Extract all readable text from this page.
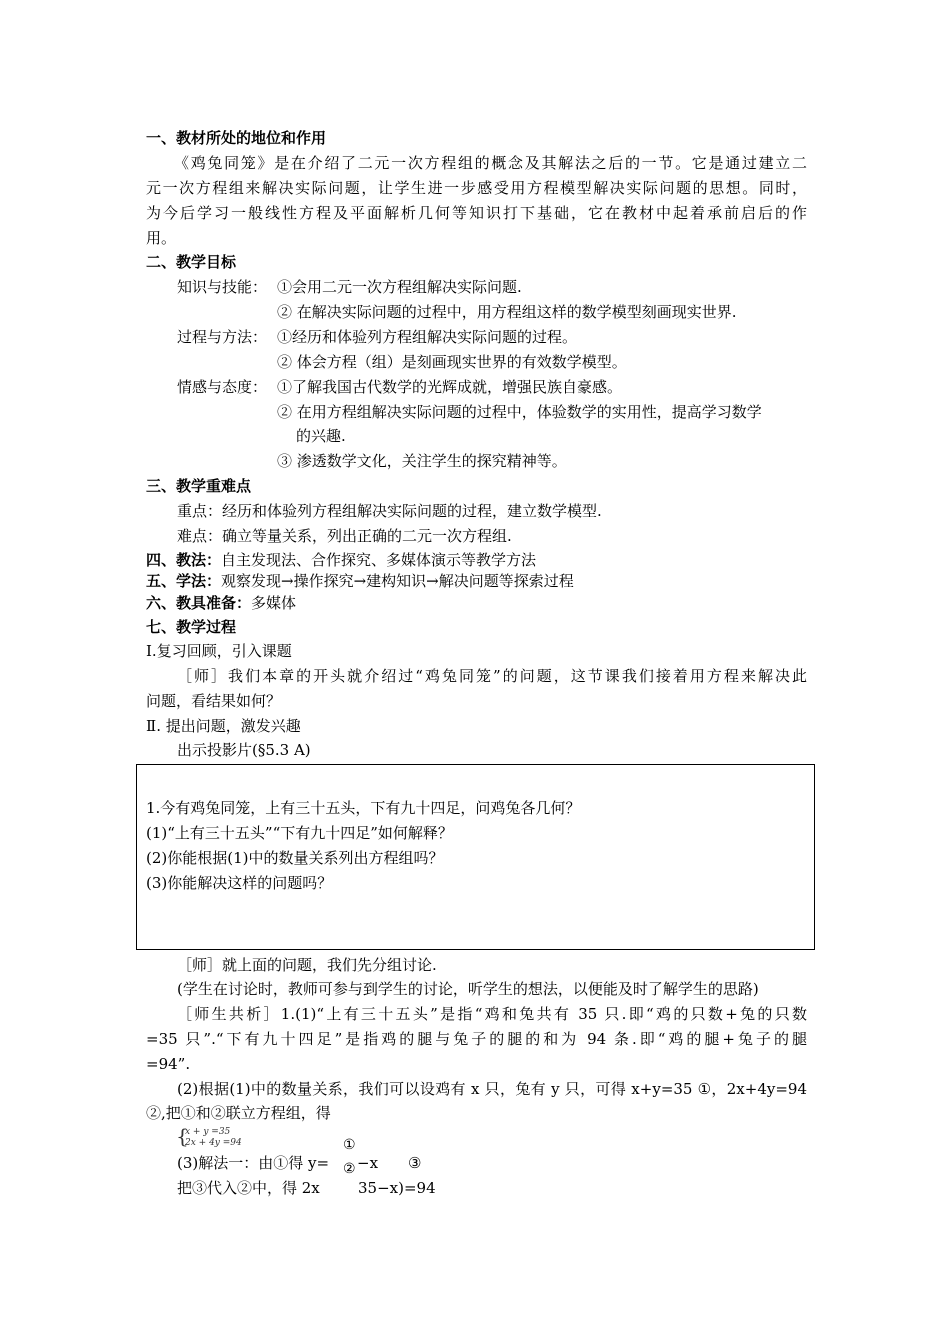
一、教材所处的地位和作用
《鸡兔同笼》是在介绍了二元一次方程组的概念及其解法之后的一节。它是通过建立二
元一次方程组来解决实际问题，让学生进一步感受用方程模型解决实际问题的思想。同时，
为今后学习一般线性方程及平面解析几何等知识打下基础，它在教材中起着承前启后的作
用。
二、教学目标
知识与技能： ①会用二元一次方程组解决实际问题.
② 在解决实际问题的过程中，用方程组这样的数学模型刻画现实世界.
过程与方法： ①经历和体验列方程组解决实际问题的过程。
② 体会方程（组）是刻画现实世界的有效数学模型。
情感与态度： ①了解我国古代数学的光辉成就，增强民族自豪感。
② 在用方程组解决实际问题的过程中，体验数学的实用性，提高学习数学
的兴趣.
③ 渗透数学文化，关注学生的探究精神等。
三、教学重难点
重点：经历和体验列方程组解决实际问题的过程，建立数学模型.
难点：确立等量关系，列出正确的二元一次方程组.
四、教法：自主发现法、合作探究、多媒体演示等教学方法
五、学法：观察发现→操作探究→建构知识→解决问题等探索过程
六、教具准备：多媒体
七、教学过程
Ⅰ.复习回顾，引入课题
［师］我们本章的开头就介绍过“鸡兔同笼”的问题，这节课我们接着用方程来解决此
问题，看结果如何？
Ⅱ. 提出问题，激发兴趣
出示投影片(§5.3 A)
1.今有鸡兔同笼，上有三十五头，下有九十四足，问鸡兔各几何？
(1)“上有三十五头”“下有九十四足”如何解释？
(2)你能根据(1)中的数量关系列出方程组吗？
(3)你能解决这样的问题吗？
［师］就上面的问题，我们先分组讨论.
(学生在讨论时，教师可参与到学生的讨论，听学生的想法，以便能及时了解学生的思路)
［师生共析］1.(1)“上有三十五头”是指“鸡和兔共有 35 只.即“鸡的只数+兔的只数
=35 只”.“下有九十四足”是指鸡的腿与兔子的腿的和为 94 条.即“鸡的腿+兔子的腿
=94”.
(2)根据(1)中的数量关系，我们可以设鸡有 x 只，兔有 y 只，可得 x+y=35 ①，2x+4y=94
②,把①和②联立方程组，得
{
x + y =35
2x + 4y =94	①
(3)解法一：由①得 y= ② −x ③
把③代入②中，得 2x	35−x)=94
